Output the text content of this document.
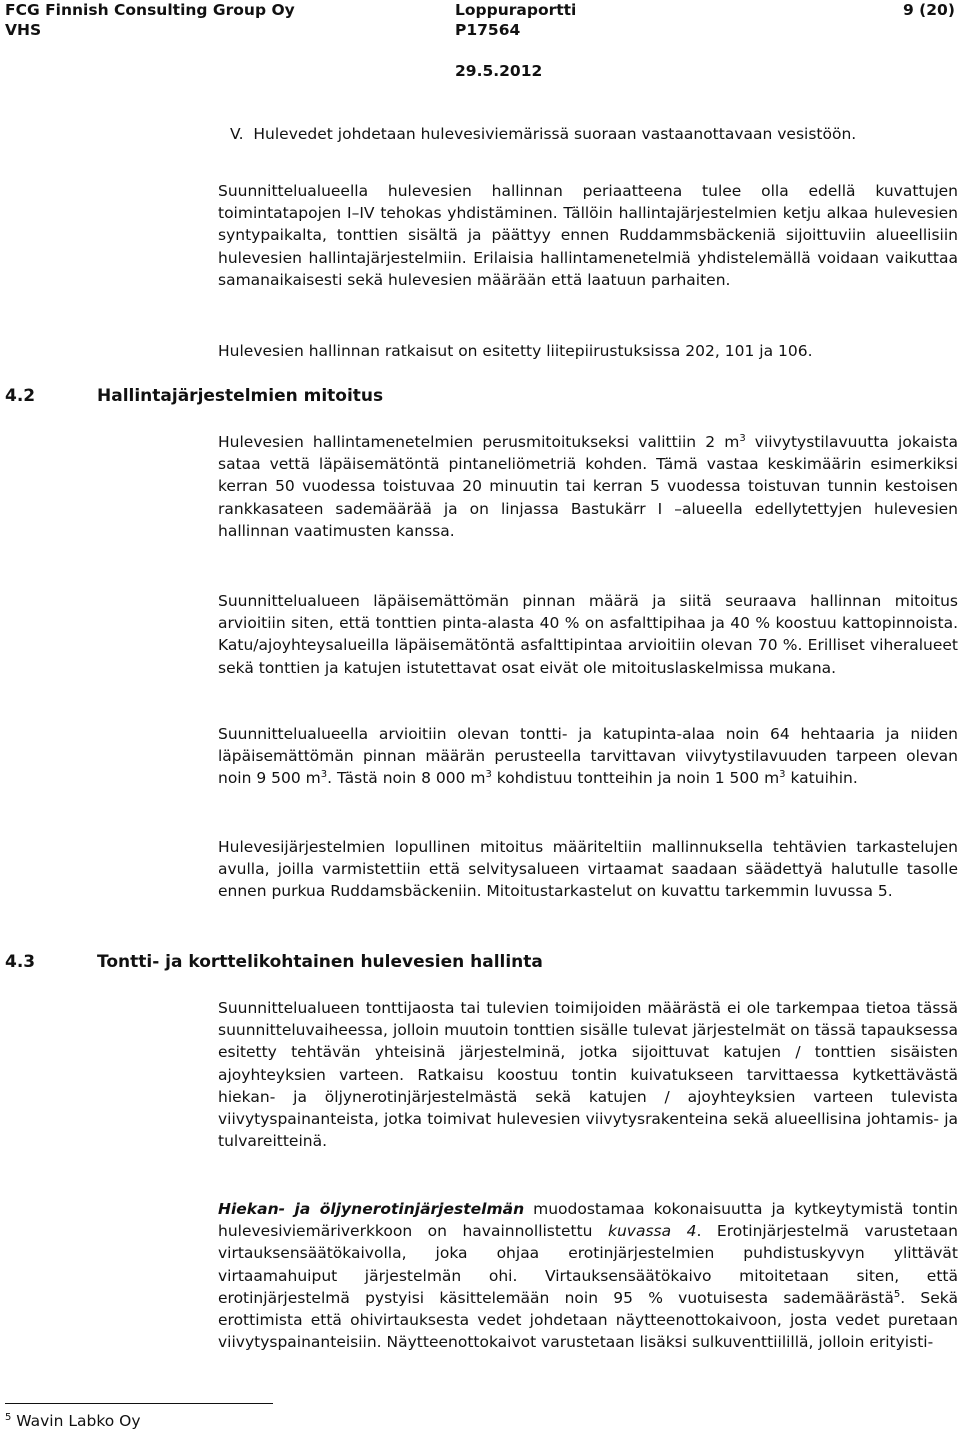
FCG Finnish Consulting Group Oy
VHS
Loppuraportti
P17564
29.5.2012
9 (20)

V.  Hulevedet johdetaan hulevesiviemärissä suoraan vastaanottavaan vesistöön.

Suunnittelualueella hulevesien hallinnan periaatteena tulee olla edellä kuvattujen toimintatapojen I–IV tehokas yhdistäminen. Tällöin hallintajärjestelmien ketju alkaa hulevesien syntypaikalta, tonttien sisältä ja päättyy ennen Ruddammsbäckeniä sijoittuviin alueellisiin hulevesien hallintajärjestelmiin. Erilaisia hallintamenetelmiä yhdistelemällä voidaan vaikuttaa samanaikaisesti sekä hulevesien määrään että laatuun parhaiten.

Hulevesien hallinnan ratkaisut on esitetty liitepiirustuksissa 202, 101 ja 106.

4.2	Hallintajärjestelmien mitoitus

Hulevesien hallintamenetelmien perusmitoitukseksi valittiin 2 $m^3$ viivytystilavuutta jokaista sataa vettä läpäisemätöntä pintaneliömetriä kohden. Tämä vastaa keskimäärin esimerkiksi kerran 50 vuodessa toistuvaa 20 minuutin tai kerran 5 vuodessa toistuvan tunnin kestoisen rankkasateen sademäärää ja on linjassa Bastukärr I –alueella edellytettyjen hulevesien hallinnan vaatimusten kanssa.

Suunnittelualueen läpäisemättömän pinnan määrä ja siitä seuraava hallinnan mitoitus arvioitiin siten, että tonttien pinta-alasta 40 % on asfalttipihaa ja 40 % koostuu kattopinnoista. Katu/ajoyhteysalueilla läpäisemätöntä asfalttipintaa arvioitiin olevan 70 %. Erilliset viheralueet sekä tonttien ja katujen istutettavat osat eivät ole mitoituslaskelmissa mukana.

Suunnittelualueella arvioitiin olevan tontti- ja katupinta-alaa noin 64 hehtaaria ja niiden läpäisemättömän pinnan määrän perusteella tarvittavan viivytystilavuuden tarpeen olevan noin 9 500 $m^3$. Tästä noin 8 000 $m^3$ kohdistuu tontteihin ja noin 1 500 $m^3$ katuihin.

Hulevesijärjestelmien lopullinen mitoitus määriteltiin mallinnuksella tehtävien tarkastelujen avulla, joilla varmistettiin että selvitysalueen virtaamat saadaan säädettyä halutulle tasolle ennen purkua Ruddamsbäckeniin. Mitoitustarkastelut on kuvattu tarkemmin luvussa 5.

4.3	Tontti- ja korttelikohtainen hulevesien hallinta

Suunnittelualueen tonttijaosta tai tulevien toimijoiden määrästä ei ole tarkempaa tietoa tässä suunnitteluvaiheessa, jolloin muutoin tonttien sisälle tulevat järjestelmät on tässä tapauksessa esitetty tehtävän yhteisinä järjestelminä, jotka sijoittuvat katujen / tonttien sisäisten ajoyhteyksien varteen. Ratkaisu koostuu tontin kuivatukseen tarvittaessa kytkettävästä hiekan- ja öljynerotinjärjestelmästä sekä katujen / ajoyhteyksien varteen tulevista viivytyspainanteista, jotka toimivat hulevesien viivytysrakenteina sekä alueellisina johtamis- ja tulvareitteinä.

Hiekan- ja öljynerotinjärjestelmän muodostamaa kokonaisuutta ja kytkeytymistä tontin hulevesiviemäriverkkoon on havainnollistettu kuvassa 4. Erotinjärjestelmä varustetaan virtauksensäätökaivolla, joka ohjaa erotinjärjestelmien puhdistuskyvyn ylittävät virtaamahuiput järjestelmän ohi. Virtauksensäätökaivo mitoitetaan siten, että erotinjärjestelmä pystyisi käsittelemään noin 95 % vuotuisesta sademäärästä$^5$. Sekä erottimista että ohivirtauksesta vedet johdetaan näytteenottokaivoon, josta vedet puretaan viivytyspainanteisiin. Näytteenottokaivot varustetaan lisäksi sulkuventtiilillä, jolloin erityisti-

$^5$ Wavin Labko Oy
